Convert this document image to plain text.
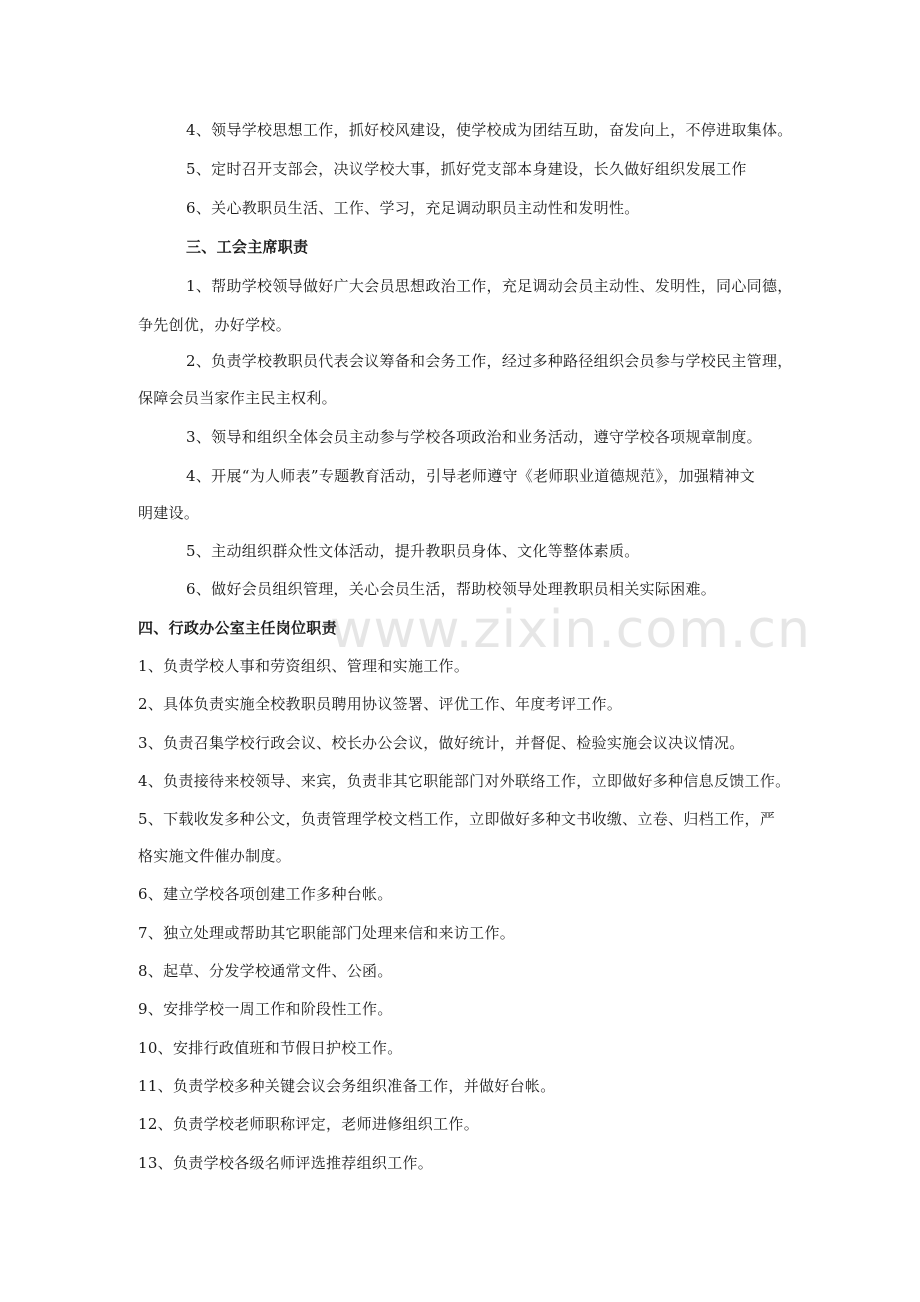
www.zixin.com.cn
4、领导学校思想工作，抓好校风建设，使学校成为团结互助，奋发向上，不停进取集体。
5、定时召开支部会，决议学校大事，抓好党支部本身建设，长久做好组织发展工作
6、关心教职员生活、工作、学习，充足调动职员主动性和发明性。
三、工会主席职责
1、帮助学校领导做好广大会员思想政治工作，充足调动会员主动性、发明性，同心同德，
争先创优，办好学校。
2、负责学校教职员代表会议筹备和会务工作，经过多种路径组织会员参与学校民主管理，
保障会员当家作主民主权利。
3、领导和组织全体会员主动参与学校各项政治和业务活动，遵守学校各项规章制度。
4、开展“为人师表”专题教育活动，引导老师遵守《老师职业道德规范》，加强精神文
明建设。
5、主动组织群众性文体活动，提升教职员身体、文化等整体素质。
6、做好会员组织管理，关心会员生活，帮助校领导处理教职员相关实际困难。
四、行政办公室主任岗位职责
1、负责学校人事和劳资组织、管理和实施工作。
2、具体负责实施全校教职员聘用协议签署、评优工作、年度考评工作。
3、负责召集学校行政会议、校长办公会议，做好统计，并督促、检验实施会议决议情况。
4、负责接待来校领导、来宾，负责非其它职能部门对外联络工作，立即做好多种信息反馈工作。
5、下载收发多种公文，负责管理学校文档工作，立即做好多种文书收缴、立卷、归档工作，严
格实施文件催办制度。
6、建立学校各项创建工作多种台帐。
7、独立处理或帮助其它职能部门处理来信和来访工作。
8、起草、分发学校通常文件、公函。
9、安排学校一周工作和阶段性工作。
10、安排行政值班和节假日护校工作。
11、负责学校多种关键会议会务组织准备工作，并做好台帐。
12、负责学校老师职称评定，老师进修组织工作。
13、负责学校各级名师评选推荐组织工作。
